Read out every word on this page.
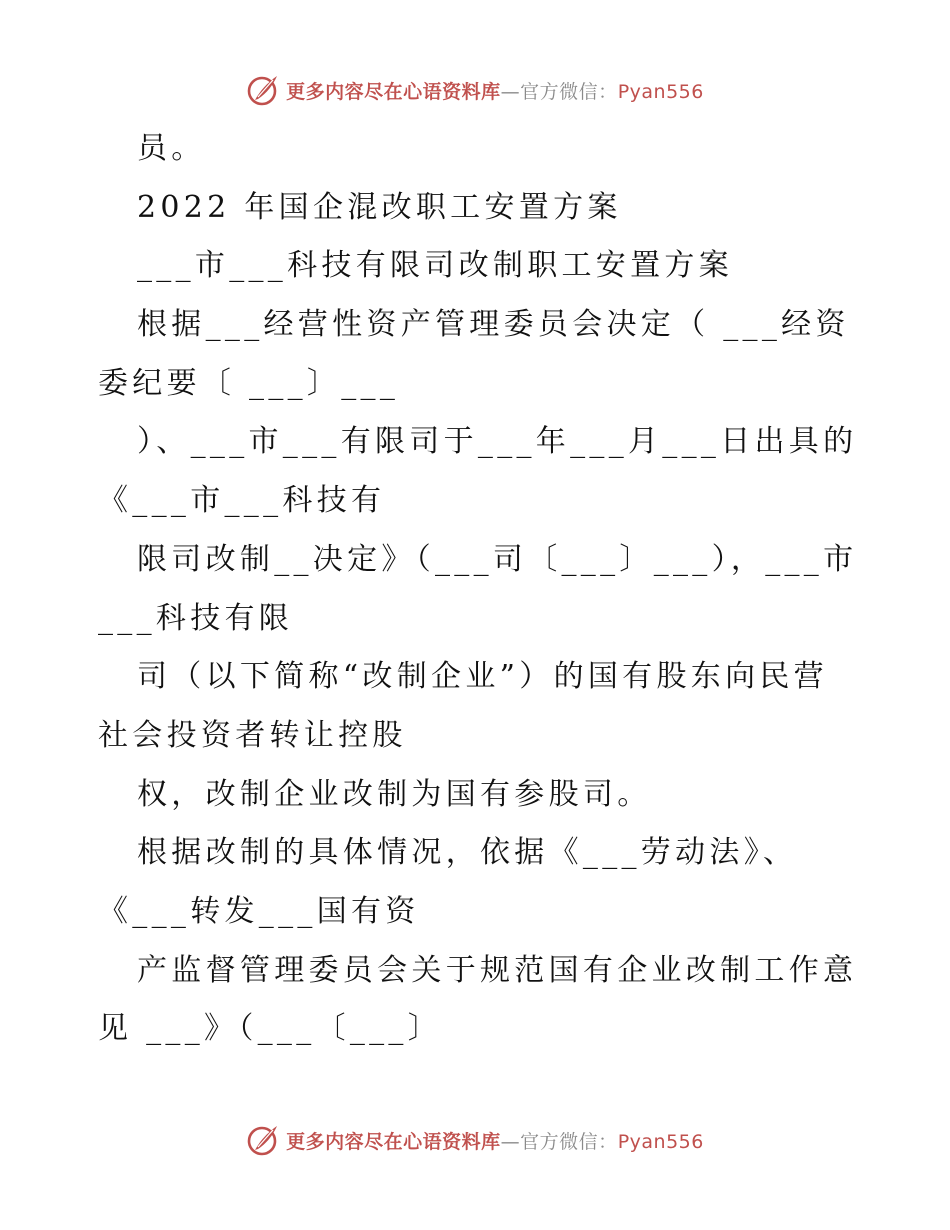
更多内容尽在心语资料库—官方微信：Pyan556
员。
2022 年国企混改职工安置方案
___市___科技有限司改制职工安置方案
根据___经营性资产管理委员会决定（ ___经资
委纪要〔 ___〕___
）、___市___有限司于___年___月___日出具的
《___市___科技有
限司改制__决定》（___司〔___〕___），___市
___科技有限
司（以下简称“改制企业”）的国有股东向民营
社会投资者转让控股
权，改制企业改制为国有参股司。
根据改制的具体情况，依据《___劳动法》、
《___转发___国有资
产监督管理委员会关于规范国有企业改制工作意
见 ___》（___〔___〕
更多内容尽在心语资料库—官方微信：Pyan556
